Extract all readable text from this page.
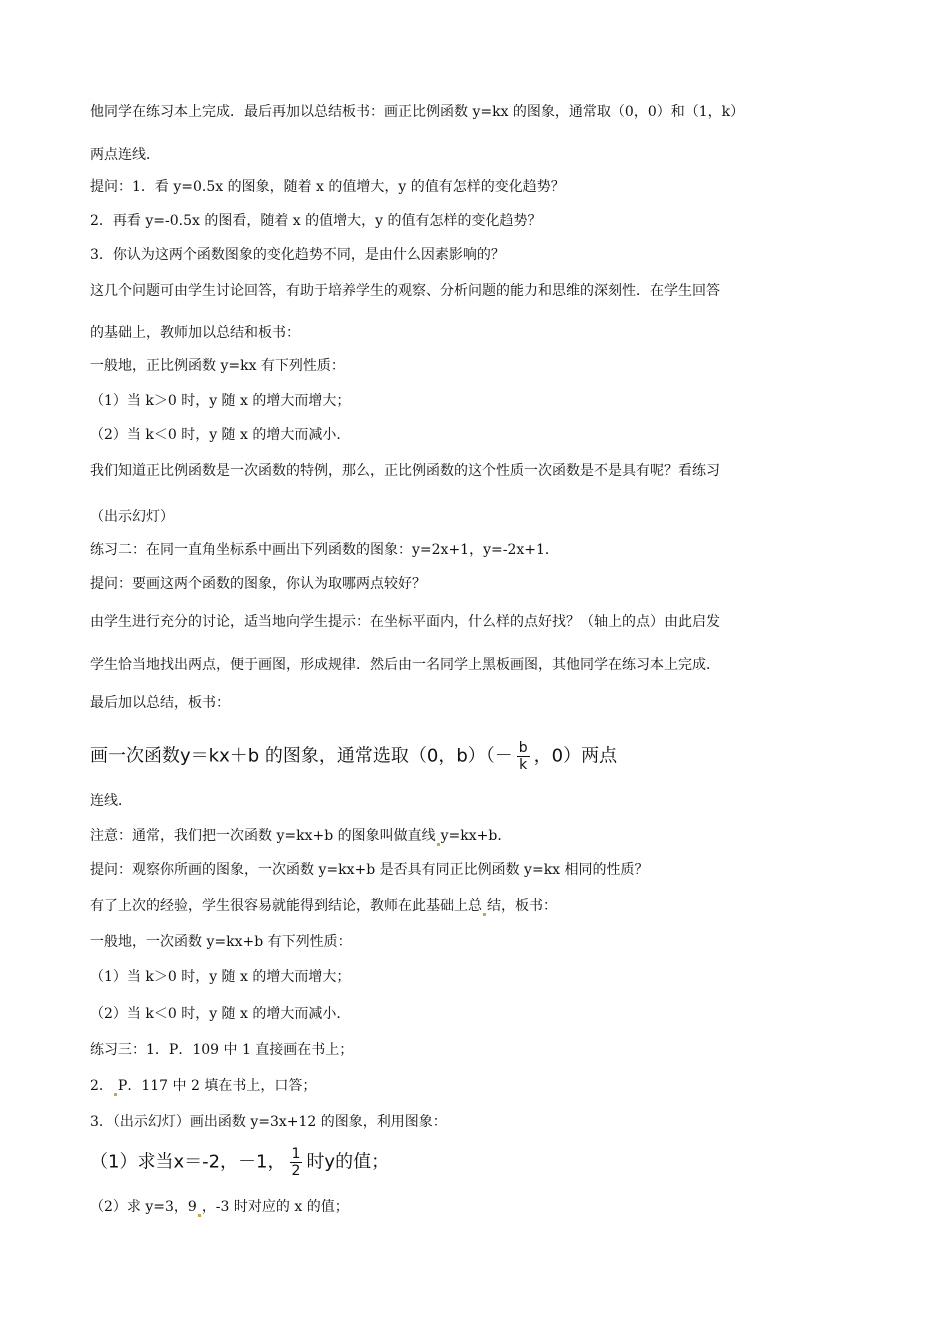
他同学在练习本上完成．最后再加以总结板书：画正比例函数 y=kx 的图象，通常取（0，0）和（1，k）
两点连线．
提问：1．看 y=0.5x 的图象，随着 x 的值增大，y 的值有怎样的变化趋势？
2．再看 y=-0.5x 的图看，随着 x 的值增大，y 的值有怎样的变化趋势？
3．你认为这两个函数图象的变化趋势不同，是由什么因素影响的？
这几个问题可由学生讨论回答，有助于培养学生的观察、分析问题的能力和思维的深刻性．在学生回答
的基础上，教师加以总结和板书：
一般地，正比例函数 y=kx 有下列性质：
（1）当 k＞0 时，y 随 x 的增大而增大；
（2）当 k＜0 时，y 随 x 的增大而减小．
我们知道正比例函数是一次函数的特例，那么，正比例函数的这个性质一次函数是不是具有呢？看练习
（出示幻灯）
练习二：在同一直角坐标系中画出下列函数的图象：y=2x+1，y=-2x+1．
提问：要画这两个函数的图象，你认为取哪两点较好？
由学生进行充分的讨论，适当地向学生提示：在坐标平面内，什么样的点好找？（轴上的点）由此启发
学生恰当地找出两点，便于画图，形成规律．然后由一名同学上黑板画图，其他同学在练习本上完成．
最后加以总结，板书：
画一次函数y＝kx＋b 的图象，通常选取（0，$b)(- \frac{b}{k}$ ，0）两点
连线．
注意：通常，我们把一次函数 y=kx+b 的图象叫做直线 y=kx+b．
提问：观察你所画的图象，一次函数 y=kx+b 是否具有同正比例函数 y=kx 相同的性质？
有了上次的经验，学生很容易就能得到结论，教师在此基础上总 结，板书：
一般地，一次函数 y=kx+b 有下列性质：
（1）当 k＞0 时，y 随 x 的增大而增大；
（2）当 k＜0 时，y 随 x 的增大而减小．
练习三：1．P．109 中 1 直接画在书上；
2． P．117 中 2 填在书上，口答；
3．（出示幻灯）画出函数 y=3x+12 的图象，利用图象：
（1）求当x＝-2，－1， $\frac{1}{2}$ 时y的值；
（2）求 y=3，9 ，-3 时对应的 x 的值；
